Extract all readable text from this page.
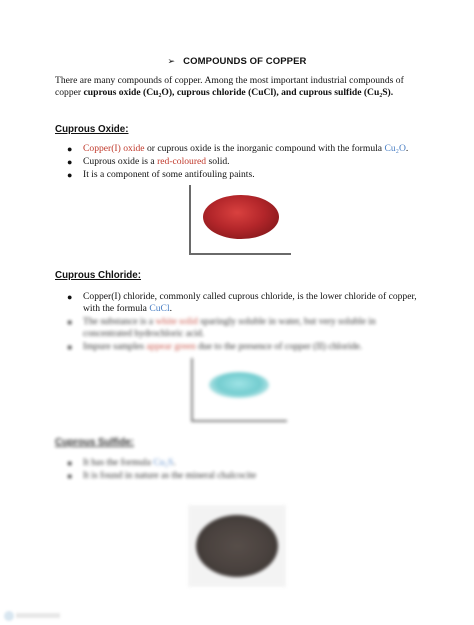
➢ COMPOUNDS OF COPPER
There are many compounds of copper. Among the most important industrial compounds of copper cuprous oxide (Cu₂O), cuprous chloride (CuCl), and cuprous sulfide (Cu₂S).
Cuprous Oxide:
● Copper(I) oxide or cuprous oxide is the inorganic compound with the formula Cu₂O.
● Cuprous oxide is a red-coloured solid.
● It is a component of some antifouling paints.
Cuprous Chloride:
● Copper(I) chloride, commonly called cuprous chloride, is the lower chloride of copper, with the formula CuCl.
● The substance is a white solid sparingly soluble in water, but very soluble in concentrated hydrochloric acid.
● Impure samples appear green due to the presence of copper (II) chloride.
Cuprous Sulfide:
● It has the formula Cu₂S.
● It is found in nature as the mineral chalcocite
